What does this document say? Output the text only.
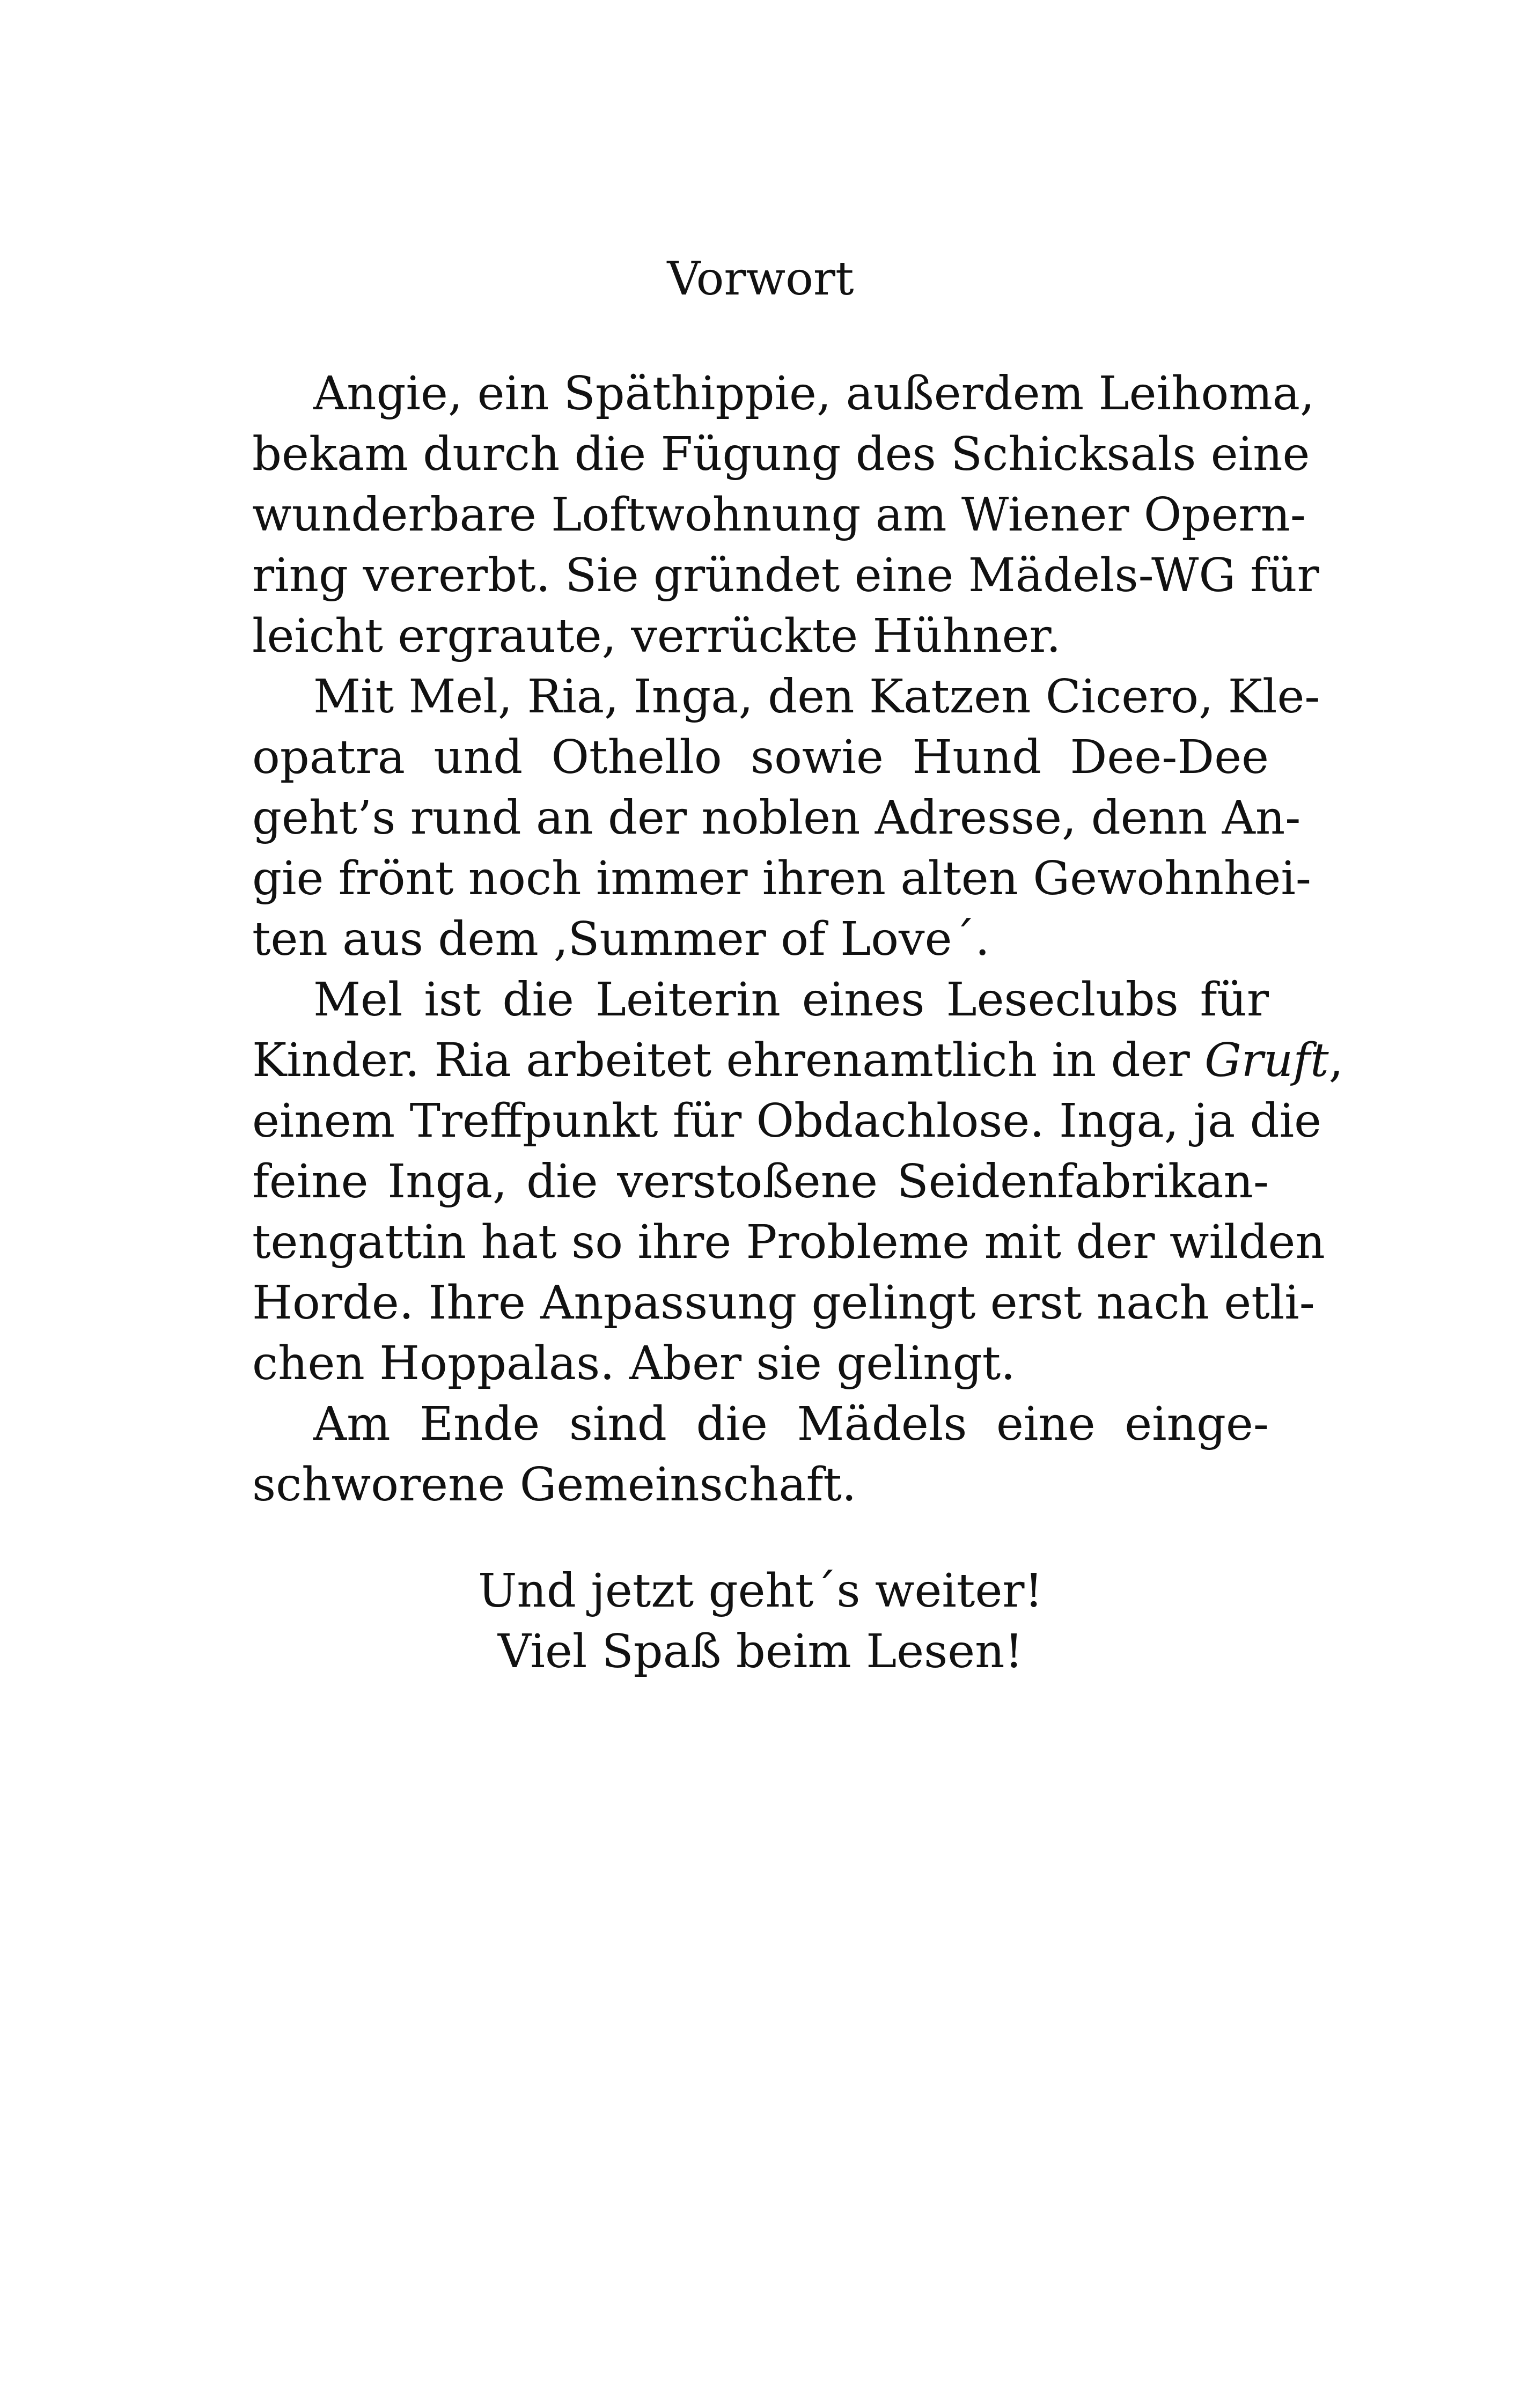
Vorwort
Angie, ein Späthippie, außerdem Leihoma,
bekam durch die Fügung des Schicksals eine
wunderbare Loftwohnung am Wiener Opern-
ring vererbt. Sie gründet eine Mädels-WG für
leicht ergraute, verrückte Hühner.
Mit Mel, Ria, Inga, den Katzen Cicero, Kle-
opatra und Othello sowie Hund Dee-Dee
geht’s rund an der noblen Adresse, denn An-
gie frönt noch immer ihren alten Gewohnhei-
ten aus dem ‚Summer of Love´.
Mel ist die Leiterin eines Leseclubs für
Kinder. Ria arbeitet ehrenamtlich in der Gruft,
einem Treffpunkt für Obdachlose. Inga, ja die
feine Inga, die verstoßene Seidenfabrikan-
tengattin hat so ihre Probleme mit der wilden
Horde. Ihre Anpassung gelingt erst nach etli-
chen Hoppalas. Aber sie gelingt.
Am Ende sind die Mädels eine einge-
schworene Gemeinschaft.
Und jetzt geht´s weiter!
Viel Spaß beim Lesen!
